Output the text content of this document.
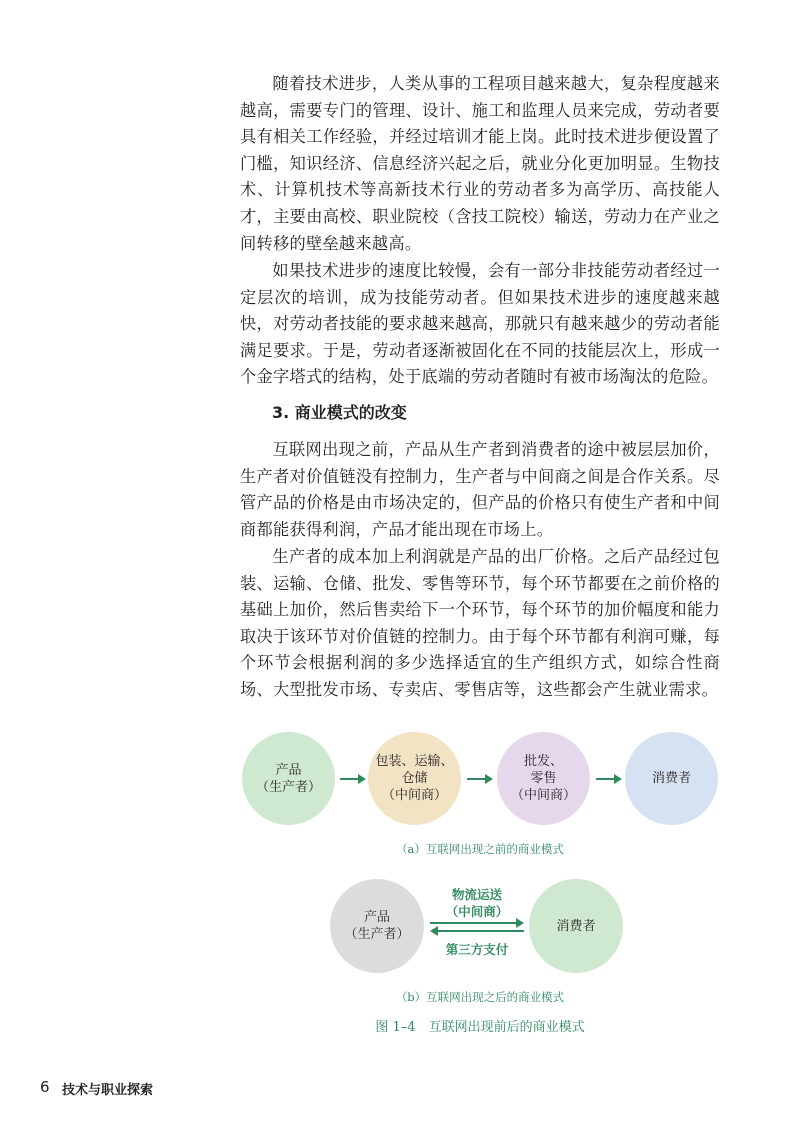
随着技术进步，人类从事的工程项目越来越大，复杂程度越来越高，需要专门的管理、设计、施工和监理人员来完成，劳动者要具有相关工作经验，并经过培训才能上岗。此时技术进步便设置了门槛，知识经济、信息经济兴起之后，就业分化更加明显。生物技术、计算机技术等高新技术行业的劳动者多为高学历、高技能人才，主要由高校、职业院校（含技工院校）输送，劳动力在产业之间转移的壁垒越来越高。

如果技术进步的速度比较慢，会有一部分非技能劳动者经过一定层次的培训，成为技能劳动者。但如果技术进步的速度越来越快，对劳动者技能的要求越来越高，那就只有越来越少的劳动者能满足要求。于是，劳动者逐渐被固化在不同的技能层次上，形成一个金字塔式的结构，处于底端的劳动者随时有被市场淘汰的危险。

3. 商业模式的改变

互联网出现之前，产品从生产者到消费者的途中被层层加价，生产者对价值链没有控制力，生产者与中间商之间是合作关系。尽管产品的价格是由市场决定的，但产品的价格只有使生产者和中间商都能获得利润，产品才能出现在市场上。

生产者的成本加上利润就是产品的出厂价格。之后产品经过包装、运输、仓储、批发、零售等环节，每个环节都要在之前价格的基础上加价，然后售卖给下一个环节，每个环节的加价幅度和能力取决于该环节对价值链的控制力。由于每个环节都有利润可赚，每个环节会根据利润的多少选择适宜的生产组织方式，如综合性商场、大型批发市场、专卖店、零售店等，这些都会产生就业需求。

产品
（生产者）
包装、运输、
仓储
（中间商）
批发、
零售
（中间商）
消费者
（a）互联网出现之前的商业模式
产品
（生产者）
物流运送
（中间商）
第三方支付
消费者
（b）互联网出现之后的商业模式
图 1–4　互联网出现前后的商业模式
6 技术与职业探索
